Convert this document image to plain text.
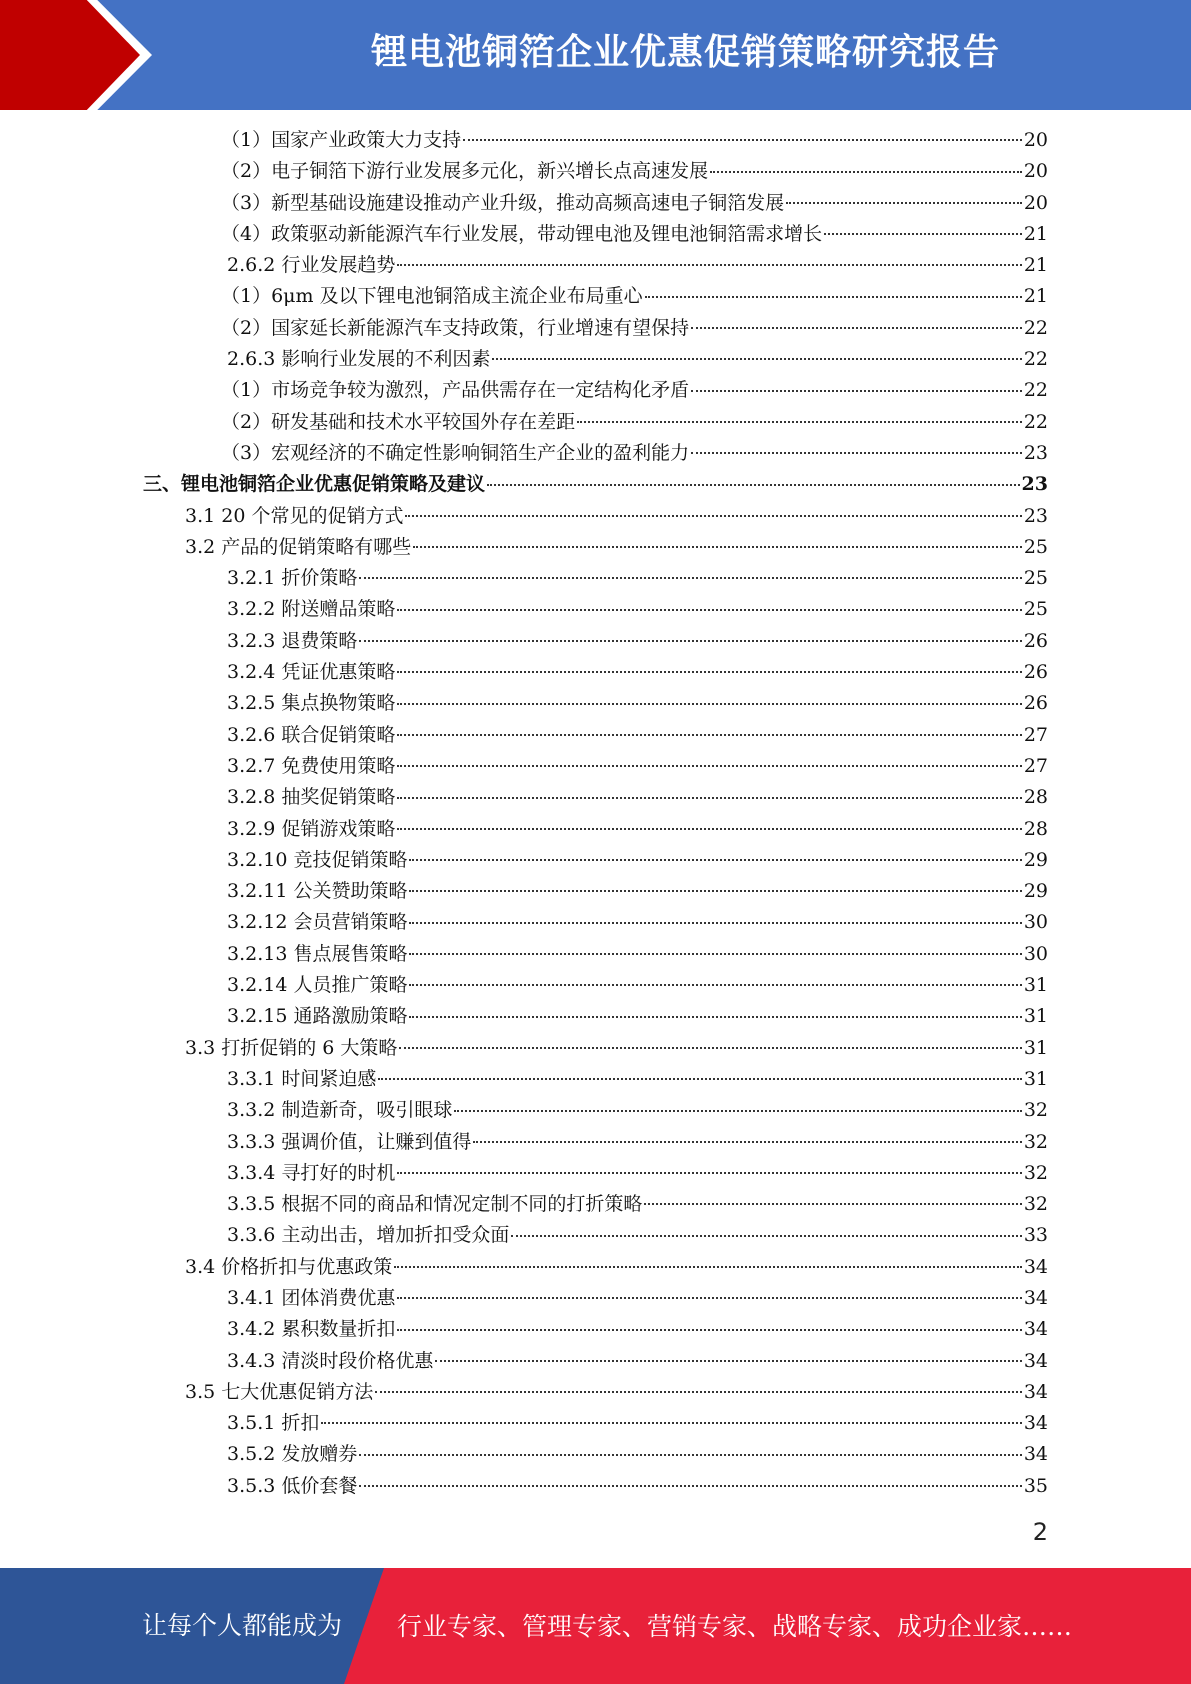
锂电池铜箔企业优惠促销策略研究报告
（1）国家产业政策大力支持	20
（2）电子铜箔下游行业发展多元化，新兴增长点高速发展	20
（3）新型基础设施建设推动产业升级，推动高频高速电子铜箔发展	20
（4）政策驱动新能源汽车行业发展，带动锂电池及锂电池铜箔需求增长	21
2.6.2 行业发展趋势	21
（1）6μm 及以下锂电池铜箔成主流企业布局重心	21
（2）国家延长新能源汽车支持政策，行业增速有望保持	22
2.6.3 影响行业发展的不利因素	22
（1）市场竞争较为激烈，产品供需存在一定结构化矛盾	22
（2）研发基础和技术水平较国外存在差距	22
（3）宏观经济的不确定性影响铜箔生产企业的盈利能力	23
三、锂电池铜箔企业优惠促销策略及建议	23
3.1 20 个常见的促销方式	23
3.2 产品的促销策略有哪些	25
3.2.1 折价策略	25
3.2.2 附送赠品策略	25
3.2.3 退费策略	26
3.2.4 凭证优惠策略	26
3.2.5 集点换物策略	26
3.2.6 联合促销策略	27
3.2.7 免费使用策略	27
3.2.8 抽奖促销策略	28
3.2.9 促销游戏策略	28
3.2.10 竞技促销策略	29
3.2.11 公关赞助策略	29
3.2.12 会员营销策略	30
3.2.13 售点展售策略	30
3.2.14 人员推广策略	31
3.2.15 通路激励策略	31
3.3 打折促销的 6 大策略	31
3.3.1 时间紧迫感	31
3.3.2 制造新奇，吸引眼球	32
3.3.3 强调价值，让赚到值得	32
3.3.4 寻打好的时机	32
3.3.5 根据不同的商品和情况定制不同的打折策略	32
3.3.6 主动出击，增加折扣受众面	33
3.4 价格折扣与优惠政策	34
3.4.1 团体消费优惠	34
3.4.2 累积数量折扣	34
3.4.3 清淡时段价格优惠	34
3.5 七大优惠促销方法	34
3.5.1 折扣	34
3.5.2 发放赠券	34
3.5.3 低价套餐	35
2
让每个人都能成为 行业专家、管理专家、营销专家、战略专家、成功企业家……
